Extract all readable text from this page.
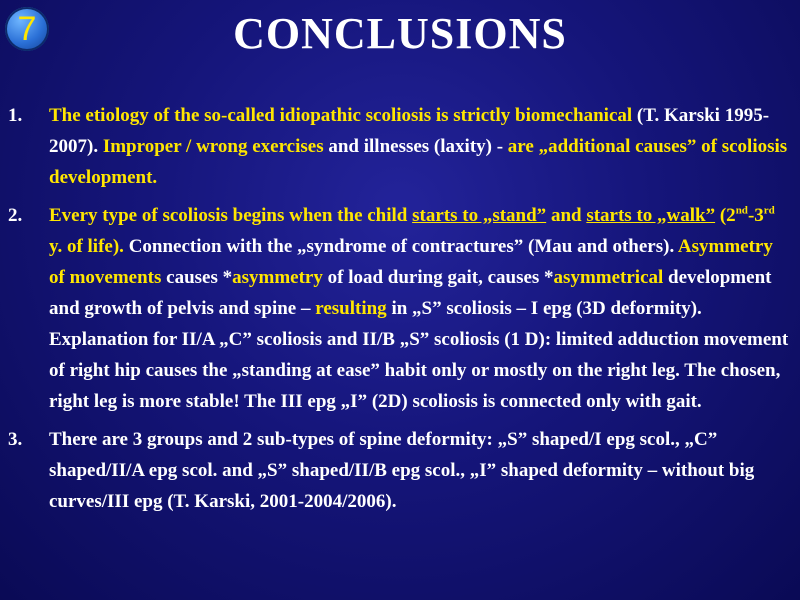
7	CONCLUSIONS
1.	The etiology of the so-called idiopathic scoliosis is strictly biomechanical (T. Karski 1995-2007). Improper / wrong exercises and illnesses (laxity) - are „additional causes” of scoliosis development.
2.	Every type of scoliosis begins when the child starts to „stand” and starts to „walk” (2nd-3rd y. of life). Connection with the „syndrome of contractures” (Mau and others). Asymmetry of movements causes *asymmetry of load during gait, causes *asymmetrical development and growth of pelvis and spine – resulting in „S” scoliosis – I epg (3D deformity). Explanation for II/A „C” scoliosis and II/B „S” scoliosis (1 D): limited adduction movement of right hip causes the „standing at ease” habit only or mostly on the right leg. The chosen, right leg is more stable! The III epg „I” (2D) scoliosis is connected only with gait.
3.	There are 3 groups and 2 sub-types of spine deformity: „S” shaped/I epg scol., „C” shaped/II/A epg scol. and „S” shaped/II/B epg scol., „I” shaped deformity – without big curves/III epg (T. Karski, 2001-2004/2006).
